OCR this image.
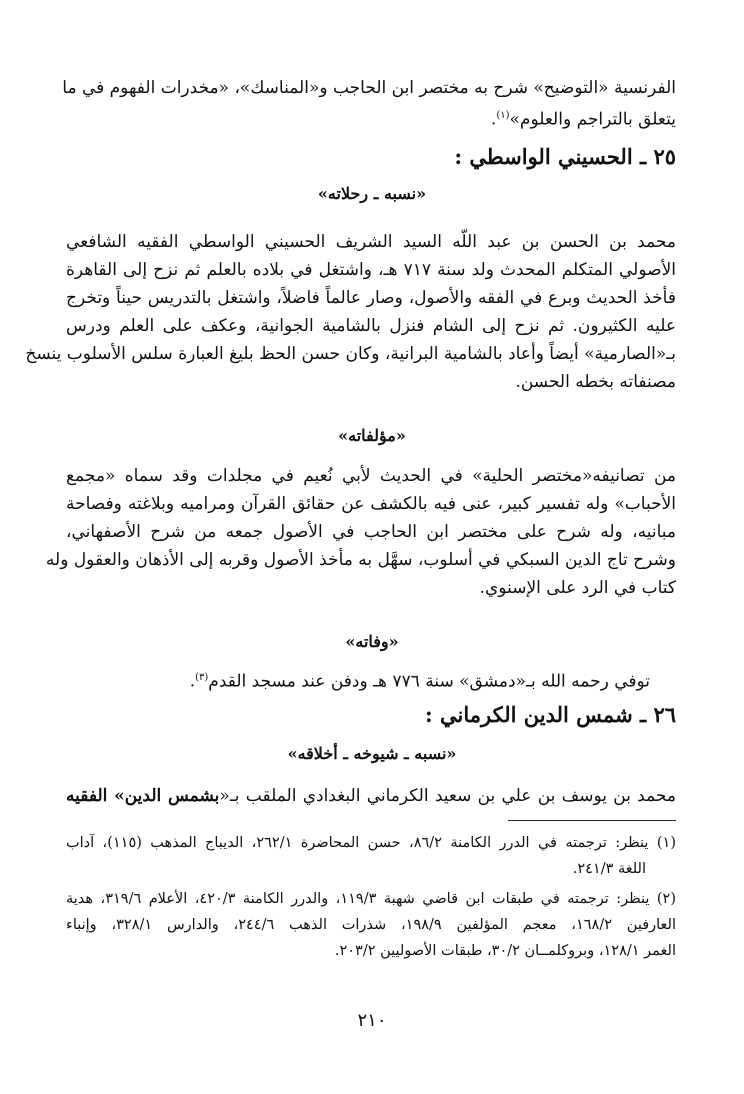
الفرنسية «التوضيح» شرح به مختصر ابن الحاجب و«المناسك»، «مخدرات الفهوم في ما
يتعلق بالتراجم والعلوم»$^{(١)}$.
٢٥ ـ الحسيني الواسطي :
«نسبه ـ رحلاته»
محمد بن الحسن بن عبد اللّه السيد الشريف الحسيني الواسطي الفقيه الشافعي
الأصولي المتكلم المحدث ولد سنة ٧١٧ هـ، واشتغل في بلاده بالعلم ثم نزح إلى القاهرة
فأخذ الحديث وبرع في الفقه والأصول، وصار عالماً فاضلاً، واشتغل بالتدريس حيناً وتخرج
عليه الكثيرون. ثم نزح إلى الشام فنزل بالشامية الجوانية، وعكف على العلم ودرس
بـ«الصارمية» أيضاً وأعاد بالشامية البرانية، وكان حسن الحظ بليغ العبارة سلس الأسلوب ينسخ
مصنفاته بخطه الحسن.
«مؤلفاته»
من تصانيفه«مختصر الحلية» في الحديث لأبي نُعيم في مجلدات وقد سماه «مجمع
الأحباب» وله تفسير كبير، عنى فيه بالكشف عن حقائق القرآن ومراميه وبلاغته وفصاحة
مبانيه، وله شرح على مختصر ابن الحاجب في الأصول جمعه من شرح الأصفهاني،
وشرح تاج الدين السبكي في أسلوب، سهَّل به مأخذ الأصول وقربه إلى الأذهان والعقول وله
كتاب في الرد على الإسنوي.
«وفاته»
توفي رحمه الله بـ«دمشق» سنة ٧٧٦ هـ ودفن عند مسجد القدم$^{(٣)}$.
٢٦ ـ شمس الدين الكرماني :
«نسبه ـ شيوخه ـ أخلاقه»
محمد بن يوسف بن علي بن سعيد الكرماني البغدادي الملقب بـ«بشمس الدين» الفقيه
(١) ينظر: ترجمته في الدرر الكامنة ٨٦/٢، حسن المحاضرة ٢٦٢/١، الديباج المذهب (١١٥)، آداب
اللغة ٢٤١/٣.
(٢) ينظر: ترجمته في طبقات ابن قاضي شهبة ١١٩/٣، والدرر الكامنة ٤٢٠/٣، الأعلام ٣١٩/٦، هدية
العارفين ١٦٨/٢، معجم المؤلفين ١٩٨/٩، شذرات الذهب ٢٤٤/٦، والدارس ٣٢٨/١، وإنباء
الغمر ١٢٨/١، وبروكلمــان ٣٠/٢، طبقات الأصوليين ٢٠٣/٢.
٢١٠
